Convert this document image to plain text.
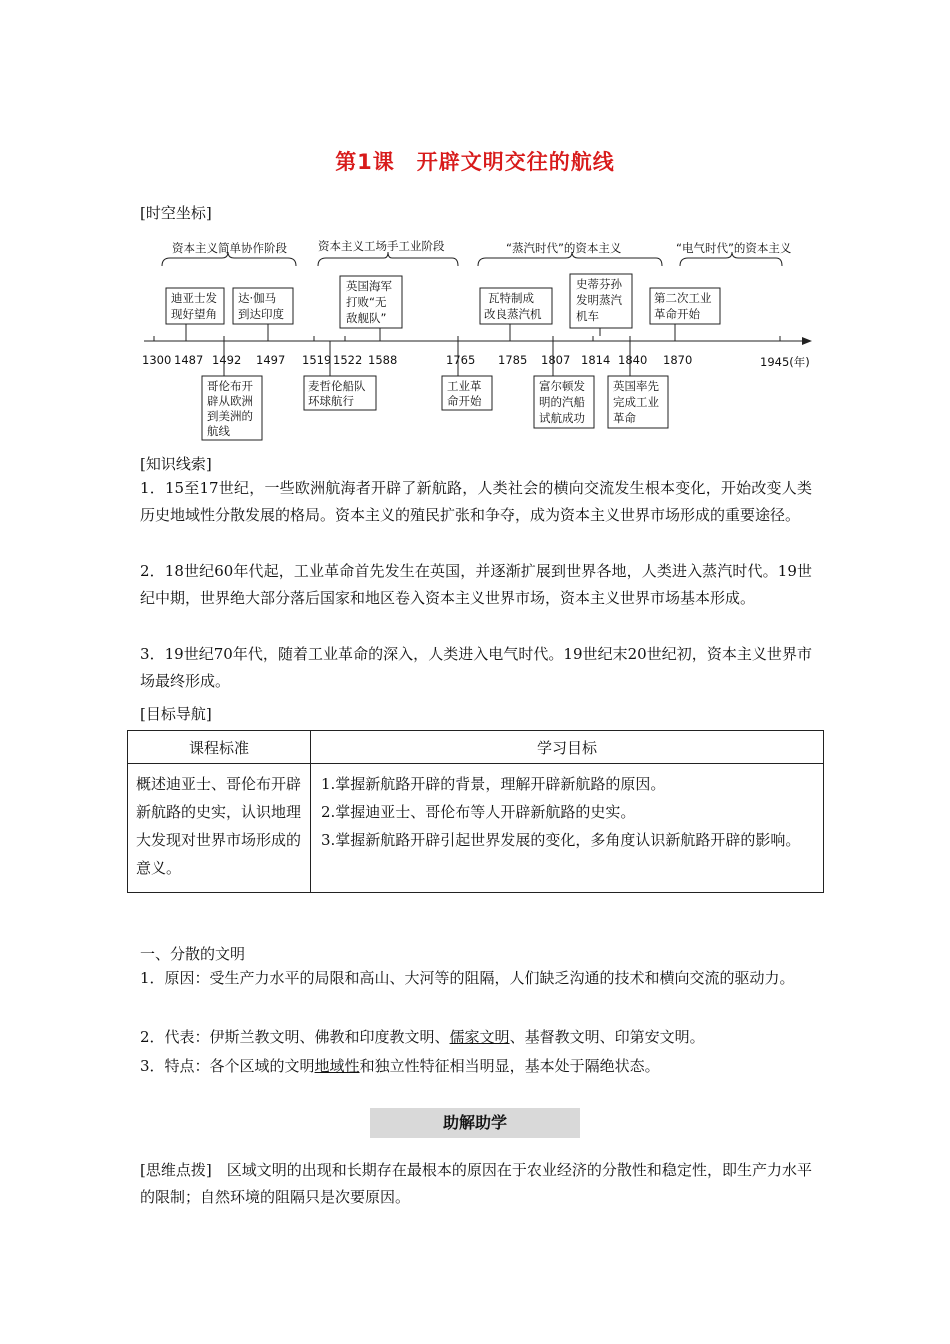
第1课　开辟文明交往的航线
[时空坐标]
资本主义简单协作阶段	资本主义工场手工业阶段	“蒸汽时代”的资本主义	“电气时代”的资本主义
1300 1487 1492 1497 1519 1522 1588	1765 1785 1807 1814 1840 1870	1945(年)
迪亚士发
现好望角
达·伽马
到达印度
英国海军
打败“无
敌舰队”
瓦特制成
改良蒸汽机
史蒂芬孙
发明蒸汽
机车
第二次工业
革命开始
哥伦布开
辟从欧洲
到美洲的
航线
麦哲伦船队
环球航行
工业革
命开始
富尔顿发
明的汽船
试航成功
英国率先
完成工业
革命
[知识线索]
1．15至17世纪，一些欧洲航海者开辟了新航路，人类社会的横向交流发生根本变化，开始改变人类历史地域性分散发展的格局。资本主义的殖民扩张和争夺，成为资本主义世界市场形成的重要途径。
2．18世纪60年代起，工业革命首先发生在英国，并逐渐扩展到世界各地，人类进入蒸汽时代。19世纪中期，世界绝大部分落后国家和地区卷入资本主义世界市场，资本主义世界市场基本形成。
3．19世纪70年代，随着工业革命的深入，人类进入电气时代。19世纪末20世纪初，资本主义世界市场最终形成。
[目标导航]
课程标准	学习目标
概述迪亚士、哥伦布开辟新航路的史实，认识地理大发现对世界市场形成的意义。	1.掌握新航路开辟的背景，理解开辟新航路的原因。
2.掌握迪亚士、哥伦布等人开辟新航路的史实。
3.掌握新航路开辟引起世界发展的变化，多角度认识新航路开辟的影响。
一、分散的文明
1．原因：受生产力水平的局限和高山、大河等的阻隔，人们缺乏沟通的技术和横向交流的驱动力。
2．代表：伊斯兰教文明、佛教和印度教文明、儒家文明、基督教文明、印第安文明。
3．特点：各个区域的文明地域性和独立性特征相当明显，基本处于隔绝状态。
助解助学
[思维点拨]　区域文明的出现和长期存在最根本的原因在于农业经济的分散性和稳定性，即生产力水平的限制；自然环境的阻隔只是次要原因。
